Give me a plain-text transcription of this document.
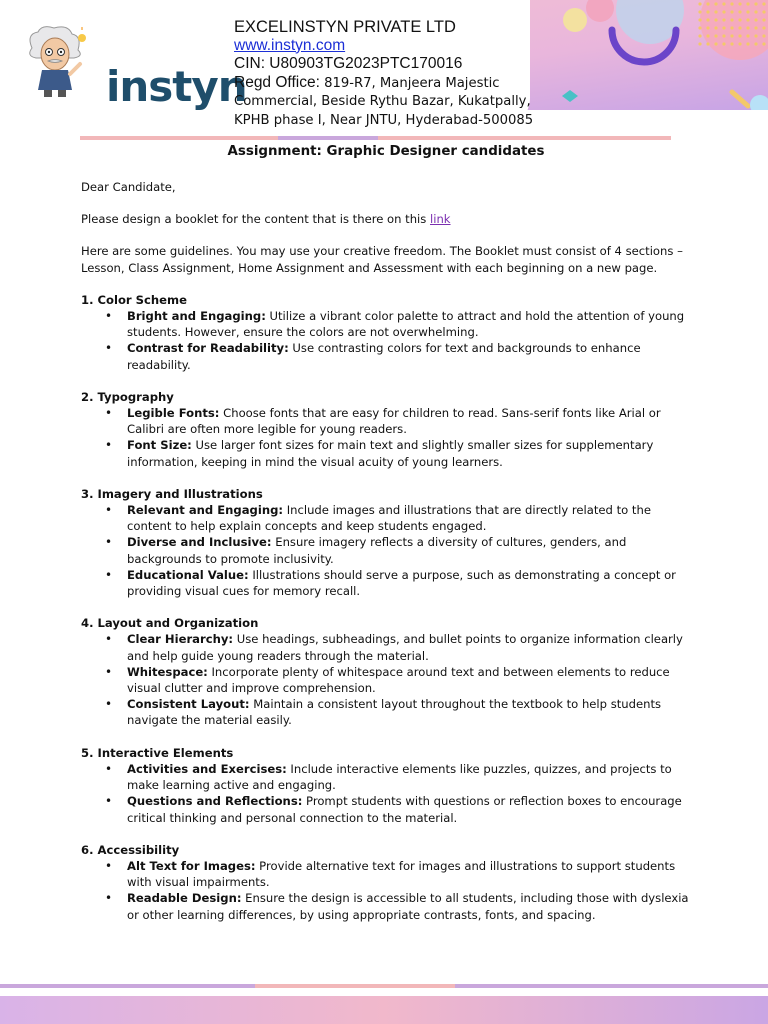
instyn
EXCELINSTYN PRIVATE LTD
www.instyn.com
CIN: U80903TG2023PTC170016
Regd Office: 819-R7, Manjeera Majestic
Commercial, Beside Rythu Bazar, Kukatpally,
KPHB phase I, Near JNTU, Hyderabad-500085
Assignment: Graphic Designer candidates

Dear Candidate,

Please design a booklet for the content that is there on this link

Here are some guidelines. You may use your creative freedom. The Booklet must consist of 4 sections – Lesson, Class Assignment, Home Assignment and Assessment with each beginning on a new page.

1. Color Scheme
• Bright and Engaging: Utilize a vibrant color palette to attract and hold the attention of young students. However, ensure the colors are not overwhelming.
• Contrast for Readability: Use contrasting colors for text and backgrounds to enhance readability.
2. Typography
• Legible Fonts: Choose fonts that are easy for children to read. Sans-serif fonts like Arial or Calibri are often more legible for young readers.
• Font Size: Use larger font sizes for main text and slightly smaller sizes for supplementary information, keeping in mind the visual acuity of young learners.
3. Imagery and Illustrations
• Relevant and Engaging: Include images and illustrations that are directly related to the content to help explain concepts and keep students engaged.
• Diverse and Inclusive: Ensure imagery reflects a diversity of cultures, genders, and backgrounds to promote inclusivity.
• Educational Value: Illustrations should serve a purpose, such as demonstrating a concept or providing visual cues for memory recall.
4. Layout and Organization
• Clear Hierarchy: Use headings, subheadings, and bullet points to organize information clearly and help guide young readers through the material.
• Whitespace: Incorporate plenty of whitespace around text and between elements to reduce visual clutter and improve comprehension.
• Consistent Layout: Maintain a consistent layout throughout the textbook to help students navigate the material easily.
5. Interactive Elements
• Activities and Exercises: Include interactive elements like puzzles, quizzes, and projects to make learning active and engaging.
• Questions and Reflections: Prompt students with questions or reflection boxes to encourage critical thinking and personal connection to the material.
6. Accessibility
• Alt Text for Images: Provide alternative text for images and illustrations to support students with visual impairments.
• Readable Design: Ensure the design is accessible to all students, including those with dyslexia or other learning differences, by using appropriate contrasts, fonts, and spacing.
